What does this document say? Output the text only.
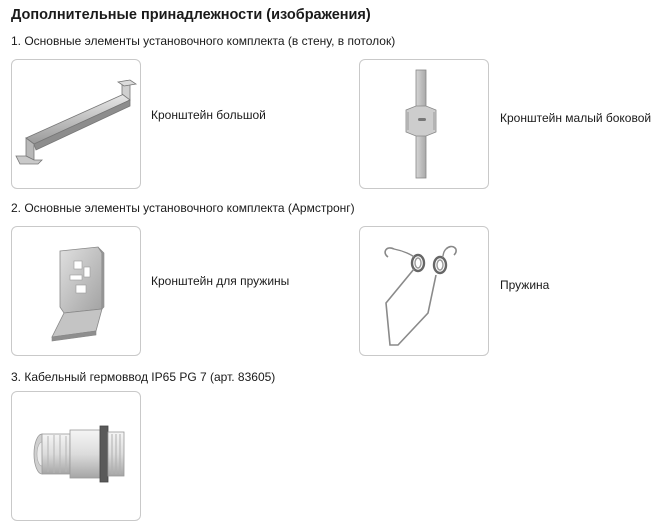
Дополнительные принадлежности (изображения)
1. Основные элементы установочного комплекта (в стену, в потолок)
Кронштейн большой	Кронштейн малый боковой
2. Основные элементы установочного комплекта (Армстронг)
Кронштейн для пружины	Пружина
3. Кабельный гермоввод IP65 PG 7 (арт. 83605)
